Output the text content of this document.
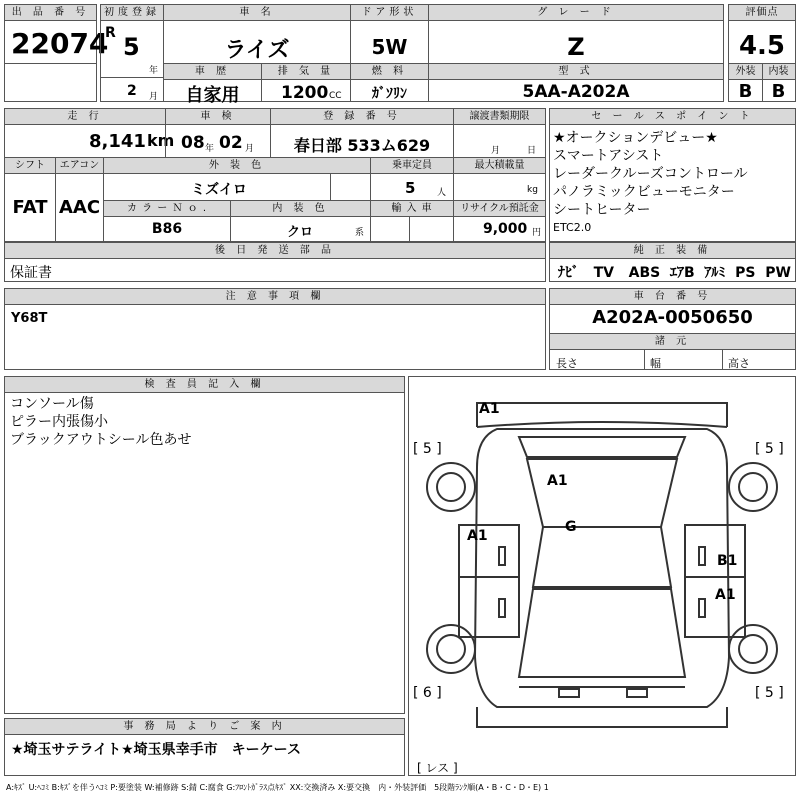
出 品 番 号
22074
初度登録
R 5
年
2 月
車 名
ライズ
ドア形状
5W
グ レ ー ド
Z
車 歴
自家用
排 気 量
1200 CC
燃 料
ｶﾞｿﾘﾝ
型 式
5AA-A202A
評価点
4.5
外装	内装
B	B
走 行
8,141 km
車 検
08 年 02 月
登 録 番 号
春日部 533ム629
譲渡書類期限
月	日
シフト
FAT
エアコン
AAC
外 装 色
ミズイロ
乗車定員
5 人
最大積載量
kg
カ ラ ー Ｎ ｏ .
B86
内 装 色
クロ	系
輸 入 車	リサイクル預託金
9,000 円
セ ー ル ス ポ イ ン ト
★オークションデビュー★
スマートアシスト
レーダークルーズコントロール
パノラミックビューモニター
シートヒーター
ETC2.0
後 日 発 送 部 品
保証書
純 正 装 備
ﾅﾋﾞ TV ABS ｴｱB ｱﾙﾐ PS PW
注 意 事 項 欄
Y68T
車 台 番 号
A202A-0050650
諸 元
長さ	幅	高さ
検 査 員 記 入 欄
コンソール傷
ピラー内張傷小
ブラックアウトシール色あせ
A1
A1
G
A1
B1
A1
[ 5 ]	[ 5 ]
[ 6 ]	[ 5 ]
[ レス ]
事 務 局 よ り ご 案 内
★埼玉サテライト★埼玉県幸手市　キーケース
A:ｷｽﾞ U:ﾍｺﾐ B:ｷｽﾞを伴うﾍｺﾐ P:要塗装 W:補修跡 S:錆 C:腐食 G:ﾌﾛﾝﾄｶﾞﾗｽ点ｷｽﾞ XX:交換済み X:要交換　内・外装評価　5段階ﾗﾝｸ順(A・B・C・D・E) 1
